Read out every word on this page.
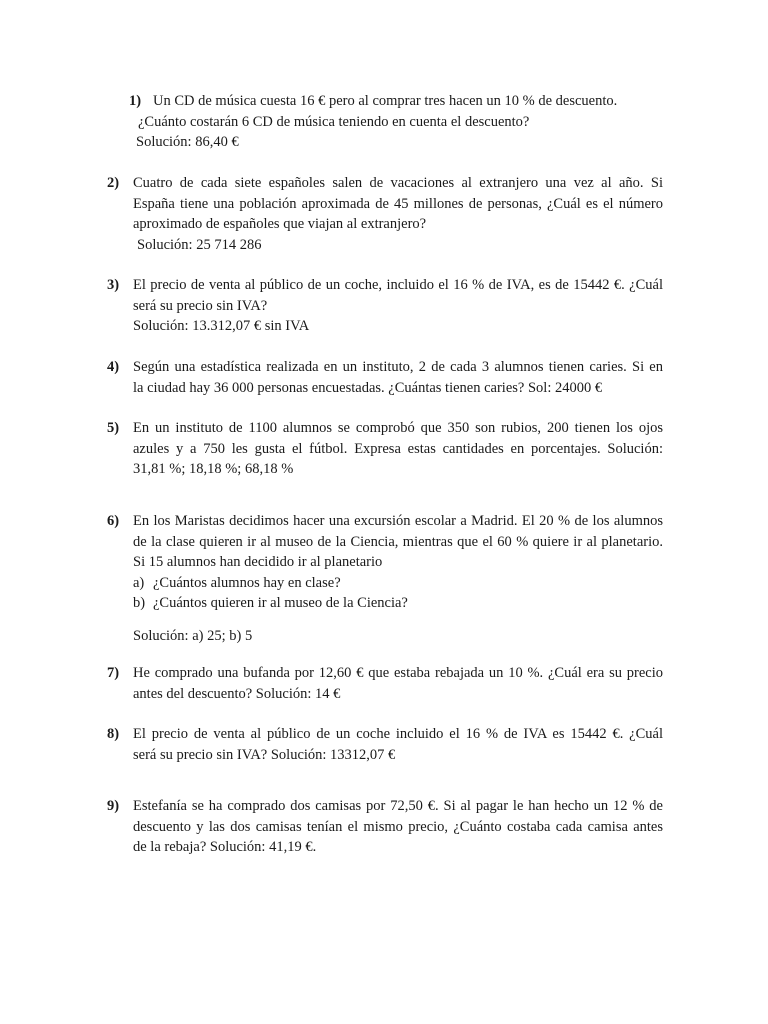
1) Un CD de música cuesta 16 € pero al comprar tres hacen un 10 % de descuento.
¿Cuánto costarán 6 CD de música teniendo en cuenta el descuento?
Solución: 86,40 €
2) Cuatro de cada siete españoles salen de vacaciones al extranjero una vez al año. Si
España tiene una población aproximada de 45 millones de personas, ¿Cuál es el número
aproximado de españoles que viajan al extranjero?
Solución: 25 714 286
3) El precio de venta al público de un coche, incluido el 16 % de IVA, es de 15442 €. ¿Cuál
será su precio sin IVA?
Solución: 13.312,07 € sin IVA
4) Según una estadística realizada en un instituto, 2 de cada 3 alumnos tienen caries. Si en
la ciudad hay 36 000 personas encuestadas. ¿Cuántas tienen caries? Sol: 24000 €
5) En un instituto de 1100 alumnos se comprobó que 350 son rubios, 200 tienen los ojos
azules y a 750 les gusta el fútbol. Expresa estas cantidades en porcentajes. Solución:
31,81 %; 18,18 %; 68,18 %
6) En los Maristas decidimos hacer una excursión escolar a Madrid. El 20 % de los alumnos
de la clase quieren ir al museo de la Ciencia, mientras que el 60 % quiere ir al planetario.
Si 15 alumnos han decidido ir al planetario
a) ¿Cuántos alumnos hay en clase?
b) ¿Cuántos quieren ir al museo de la Ciencia?
Solución: a) 25; b) 5
7) He comprado una bufanda por 12,60 € que estaba rebajada un 10 %. ¿Cuál era su precio
antes del descuento? Solución: 14 €
8) El precio de venta al público de un coche incluido el 16 % de IVA es 15442 €. ¿Cuál
será su precio sin IVA? Solución: 13312,07 €
9) Estefanía se ha comprado dos camisas por 72,50 €. Si al pagar le han hecho un 12 % de
descuento y las dos camisas tenían el mismo precio, ¿Cuánto costaba cada camisa antes
de la rebaja? Solución: 41,19 €.
